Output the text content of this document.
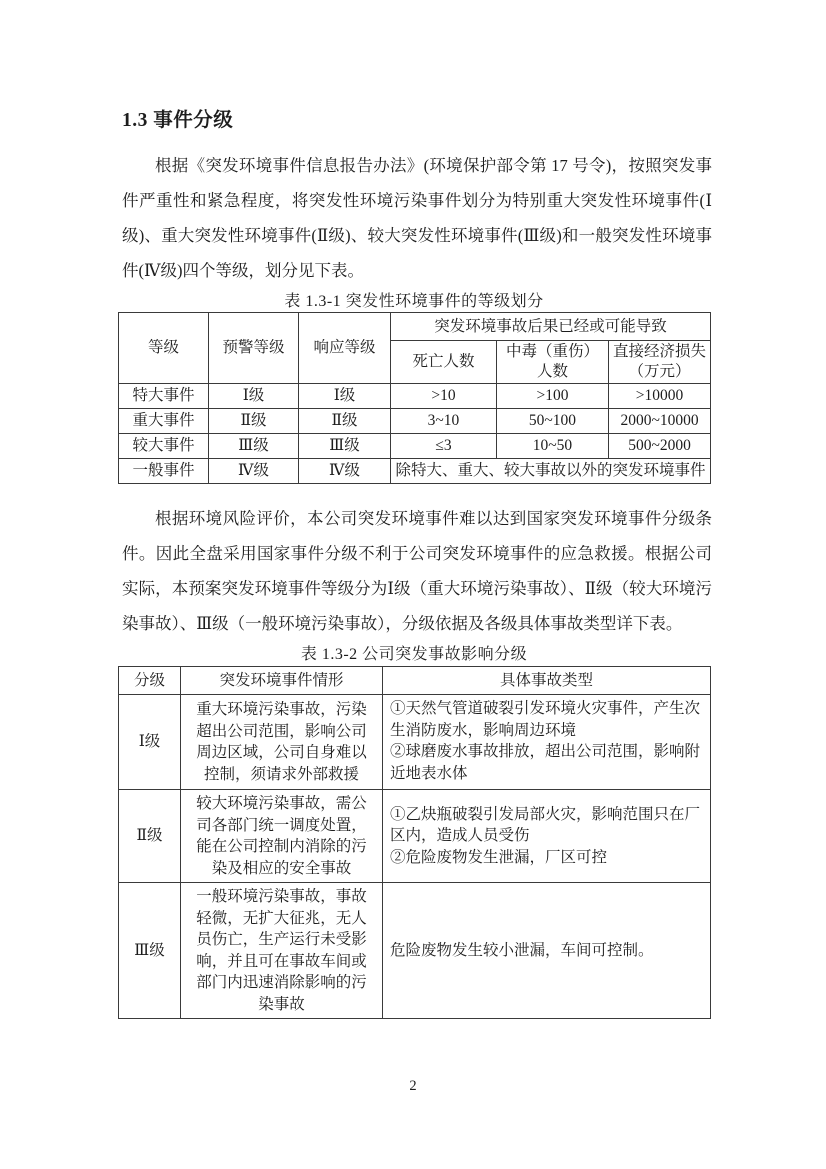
1.3 事件分级
根据《突发环境事件信息报告办法》(环境保护部令第 17 号令)，按照突发事件严重性和紧急程度，将突发性环境污染事件划分为特别重大突发性环境事件(Ⅰ级)、重大突发性环境事件(Ⅱ级)、较大突发性环境事件(Ⅲ级)和一般突发性环境事件(Ⅳ级)四个等级，划分见下表。
表 1.3-1 突发性环境事件的等级划分
等级	预警等级	响应等级	突发环境事故后果已经或可能导致		
			死亡人数	中毒（重伤）人数	直接经济损失（万元）
特大事件	Ⅰ级	Ⅰ级	>10	>100	>10000
重大事件	Ⅱ级	Ⅱ级	3~10	50~100	2000~10000
较大事件	Ⅲ级	Ⅲ级	≤3	10~50	500~2000
一般事件	Ⅳ级	Ⅳ级	除特大、重大、较大事故以外的突发环境事件		
根据环境风险评价，本公司突发环境事件难以达到国家突发环境事件分级条件。因此全盘采用国家事件分级不利于公司突发环境事件的应急救援。根据公司实际，本预案突发环境事件等级分为Ⅰ级（重大环境污染事故）、Ⅱ级（较大环境污染事故）、Ⅲ级（一般环境污染事故），分级依据及各级具体事故类型详下表。
表 1.3-2 公司突发事故影响分级
分级	突发环境事件情形	具体事故类型
Ⅰ级	重大环境污染事故，污染超出公司范围，影响公司周边区域，公司自身难以控制，须请求外部救援	①天然气管道破裂引发环境火灾事件，产生次生消防废水，影响周边环境
②球磨废水事故排放，超出公司范围，影响附近地表水体

Ⅱ级	较大环境污染事故，需公司各部门统一调度处置，能在公司控制内消除的污染及相应的安全事故	①乙炔瓶破裂引发局部火灾，影响范围只在厂区内，造成人员受伤
②危险废物发生泄漏，厂区可控

Ⅲ级	一般环境污染事故，事故轻微，无扩大征兆，无人员伤亡，生产运行未受影响，并且可在事故车间或部门内迅速消除影响的污染事故	危险废物发生较小泄漏，车间可控制。
2
